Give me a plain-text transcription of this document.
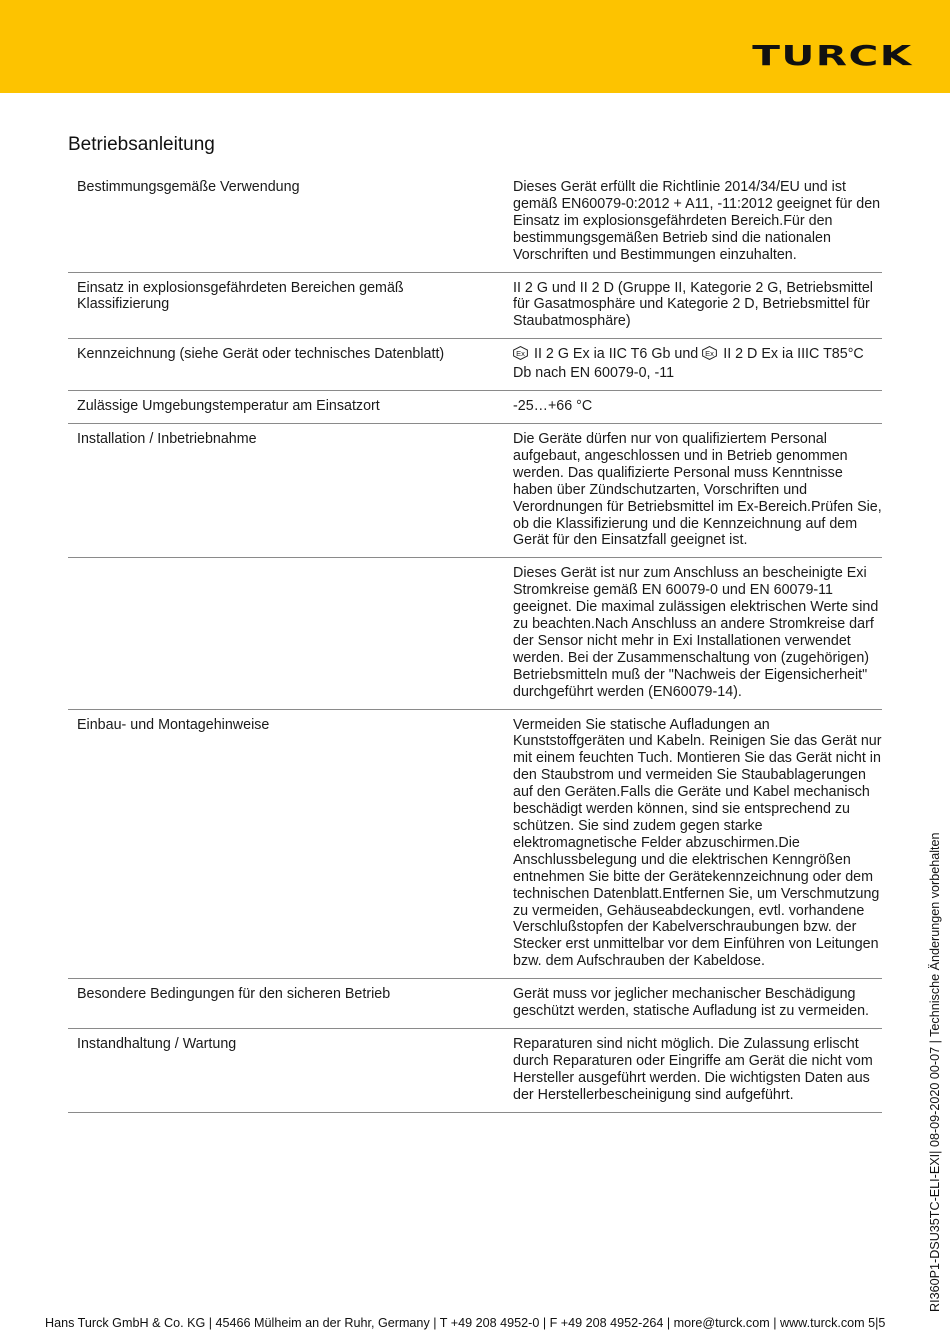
TURCK
Betriebsanleitung
Bestimmungsgemäße Verwendung	Dieses Gerät erfüllt die Richtlinie 2014/34/EU und ist gemäß EN60079-0:2012 + A11, -11:2012 geeignet für den Einsatz im explosionsgefährdeten Bereich.Für den bestimmungsgemäßen Betrieb sind die nationalen Vorschriften und Bestimmungen einzuhalten.
Einsatz in explosionsgefährdeten Bereichen gemäß Klassifizierung	II 2 G und II 2 D (Gruppe II, Kategorie 2 G, Betriebsmittel für Gasatmosphäre und Kategorie 2 D, Betriebsmittel für Staubatmosphäre)
Kennzeichnung (siehe Gerät oder technisches Datenblatt)	Ex II 2 G Ex ia IIC T6 Gb und Ex II 2 D Ex ia IIIC T85°C Db nach EN 60079-0, -11
Zulässige Umgebungstemperatur am Einsatzort	-25…+66 °C
Installation / Inbetriebnahme	Die Geräte dürfen nur von qualifiziertem Personal aufgebaut, angeschlossen und in Betrieb genommen werden. Das qualifizierte Personal muss Kenntnisse haben über Zündschutzarten, Vorschriften und Verordnungen für Betriebsmittel im Ex-Bereich.Prüfen Sie, ob die Klassifizierung und die Kennzeichnung auf dem Gerät für den Einsatzfall geeignet ist.
	Dieses Gerät ist nur zum Anschluss an bescheinigte Exi Stromkreise gemäß EN 60079-0 und EN 60079-11 geeignet. Die maximal zulässigen elektrischen Werte sind zu beachten.Nach Anschluss an andere Stromkreise darf der Sensor nicht mehr in Exi Installationen verwendet werden. Bei der Zusammenschaltung von (zugehörigen) Betriebsmitteln muß der "Nachweis der Eigensicherheit" durchgeführt werden (EN60079-14).
Einbau- und Montagehinweise	Vermeiden Sie statische Aufladungen an Kunststoffgeräten und Kabeln. Reinigen Sie das Gerät nur mit einem feuchten Tuch. Montieren Sie das Gerät nicht in den Staubstrom und vermeiden Sie Staubablagerungen auf den Geräten.Falls die Geräte und Kabel mechanisch beschädigt werden können, sind sie entsprechend zu schützen. Sie sind zudem gegen starke elektromagnetische Felder abzuschirmen.Die Anschlussbelegung und die elektrischen Kenngrößen entnehmen Sie bitte der Gerätekennzeichnung oder dem technischen Datenblatt.Entfernen Sie, um Verschmutzung zu vermeiden, Gehäuseabdeckungen, evtl. vorhandene Verschlußstopfen der Kabelverschraubungen bzw. der Stecker erst unmittelbar vor dem Einführen von Leitungen bzw. dem Aufschrauben der Kabeldose.
Besondere Bedingungen für den sicheren Betrieb	Gerät muss vor jeglicher mechanischer Beschädigung geschützt werden, statische Aufladung ist zu vermeiden.
Instandhaltung / Wartung	Reparaturen sind nicht möglich. Die Zulassung erlischt durch Reparaturen oder Eingriffe am Gerät die nicht vom Hersteller ausgeführt werden. Die wichtigsten Daten aus der Herstellerbescheinigung sind aufgeführt.	RI360P1-DSU35TC-ELI-EXI| 08-09-2020 00-07 | Technische Änderungen vorbehalten
Hans Turck GmbH & Co. KG | 45466 Mülheim an der Ruhr, Germany | T +49 208 4952-0 | F +49 208 4952-264 | more@turck.com | www.turck.com 5|5
